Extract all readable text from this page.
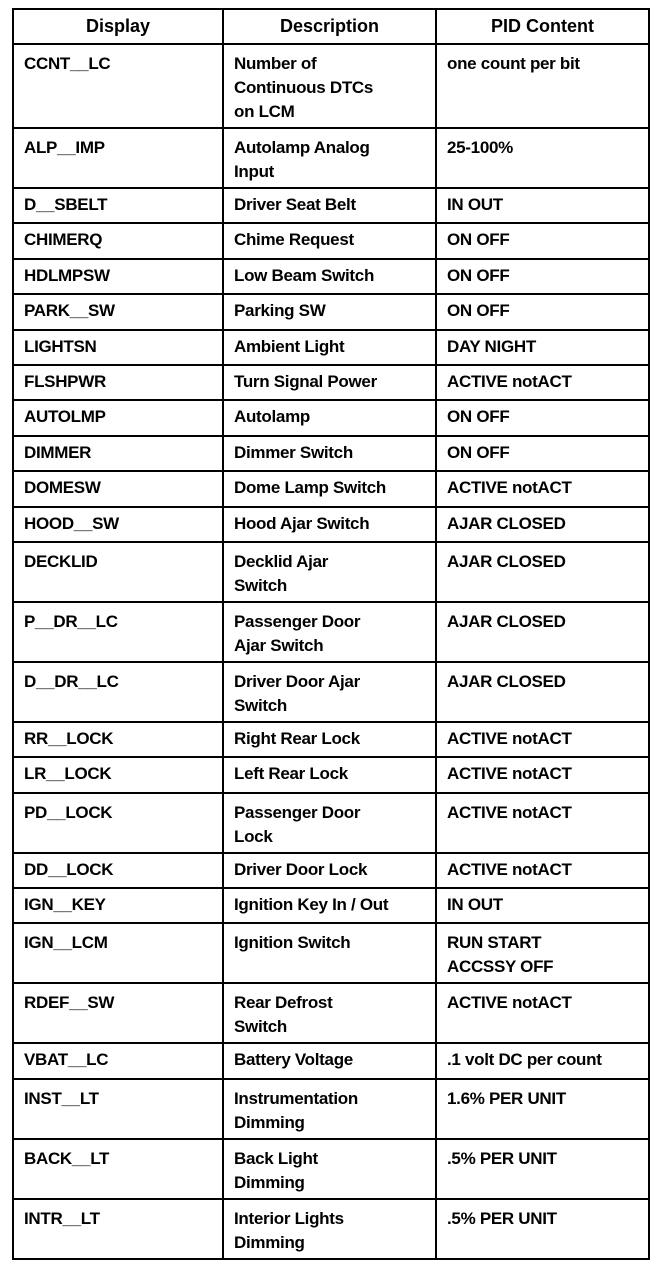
Display	Description	PID Content

CCNT__LC	Number of
Continuous DTCs
on LCM	one count per bit

ALP__IMP	Autolamp Analog
Input	25-100%

D__SBELT	Driver Seat Belt	IN OUT

CHIMERQ	Chime Request	ON OFF

HDLMPSW	Low Beam Switch	ON OFF

PARK__SW	Parking SW	ON OFF

LIGHTSN	Ambient Light	DAY NIGHT

FLSHPWR	Turn Signal Power	ACTIVE notACT

AUTOLMP	Autolamp	ON OFF

DIMMER	Dimmer Switch	ON OFF

DOMESW	Dome Lamp Switch	ACTIVE notACT

HOOD__SW	Hood Ajar Switch	AJAR CLOSED

DECKLID	Decklid Ajar
Switch	AJAR CLOSED

P__DR__LC	Passenger Door
Ajar Switch	AJAR CLOSED

D__DR__LC	Driver Door Ajar
Switch	AJAR CLOSED

RR__LOCK	Right Rear Lock	ACTIVE notACT

LR__LOCK	Left Rear Lock	ACTIVE notACT

PD__LOCK	Passenger Door
Lock	ACTIVE notACT

DD__LOCK	Driver Door Lock	ACTIVE notACT

IGN__KEY	Ignition Key In / Out	IN OUT

IGN__LCM	Ignition Switch	RUN START
ACCSSY OFF

RDEF__SW	Rear Defrost
Switch	ACTIVE notACT

VBAT__LC	Battery Voltage	.1 volt DC per count

INST__LT	Instrumentation
Dimming	1.6% PER UNIT

BACK__LT	Back Light
Dimming	.5% PER UNIT

INTR__LT	Interior Lights
Dimming	.5% PER UNIT
